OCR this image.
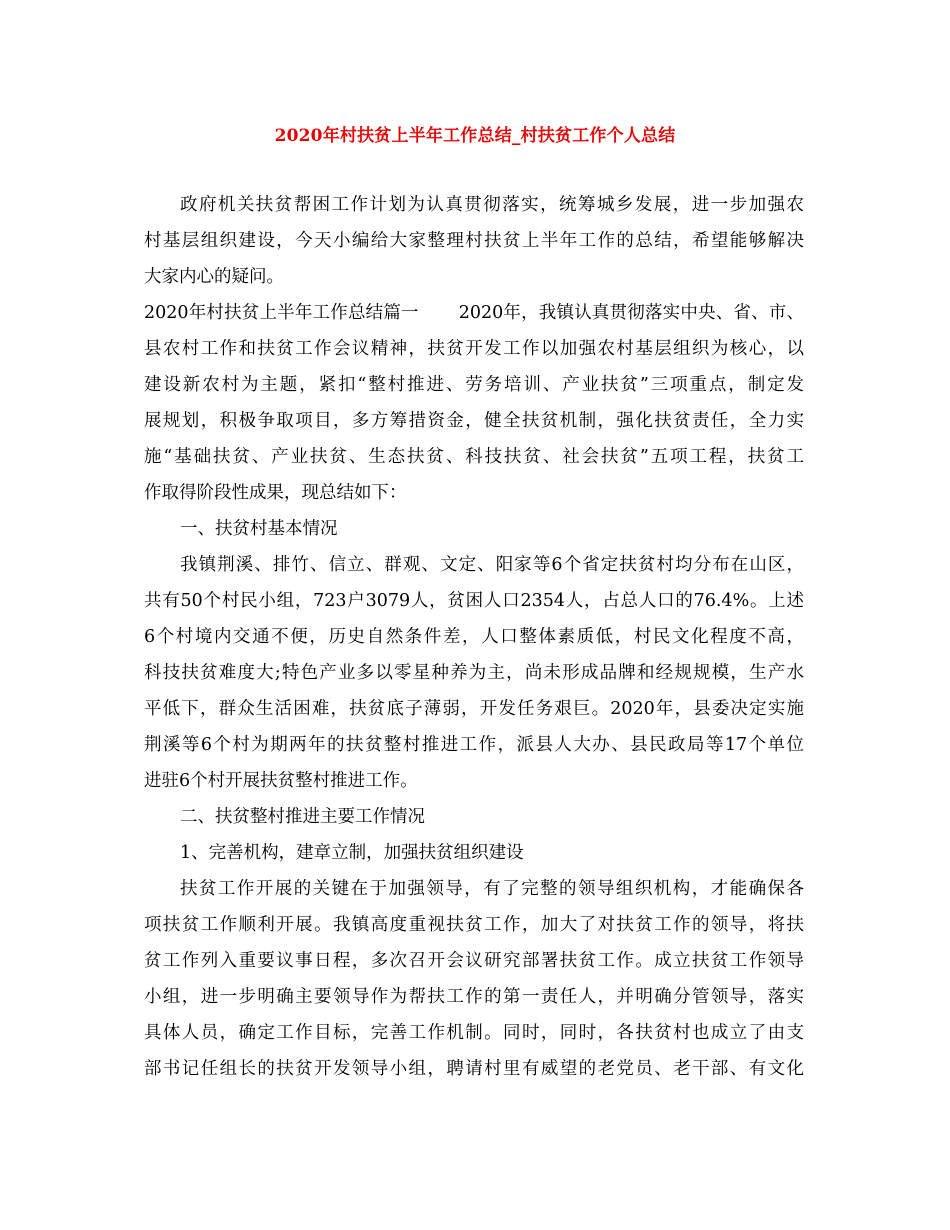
2020年村扶贫上半年工作总结_村扶贫工作个人总结
政府机关扶贫帮困工作计划为认真贯彻落实，统筹城乡发展，进一步加强农
村基层组织建设，今天小编给大家整理村扶贫上半年工作的总结，希望能够解决
大家内心的疑问。
2020年村扶贫上半年工作总结篇一 2020年，我镇认真贯彻落实中央、省、市、
县农村工作和扶贫工作会议精神，扶贫开发工作以加强农村基层组织为核心，以
建设新农村为主题，紧扣“整村推进、劳务培训、产业扶贫”三项重点，制定发
展规划，积极争取项目，多方筹措资金，健全扶贫机制，强化扶贫责任，全力实
施“基础扶贫、产业扶贫、生态扶贫、科技扶贫、社会扶贫”五项工程，扶贫工
作取得阶段性成果，现总结如下：
一、扶贫村基本情况
我镇荆溪、排竹、信立、群观、文定、阳家等6个省定扶贫村均分布在山区，
共有50个村民小组，723户3079人，贫困人口2354人，占总人口的76.4%。上述
6个村境内交通不便，历史自然条件差，人口整体素质低，村民文化程度不高，
科技扶贫难度大;特色产业多以零星种养为主，尚未形成品牌和经规规模，生产水
平低下，群众生活困难，扶贫底子薄弱，开发任务艰巨。2020年，县委决定实施
荆溪等6个村为期两年的扶贫整村推进工作，派县人大办、县民政局等17个单位
进驻6个村开展扶贫整村推进工作。
二、扶贫整村推进主要工作情况
1、完善机构，建章立制，加强扶贫组织建设
扶贫工作开展的关键在于加强领导，有了完整的领导组织机构，才能确保各
项扶贫工作顺利开展。我镇高度重视扶贫工作，加大了对扶贫工作的领导，将扶
贫工作列入重要议事日程，多次召开会议研究部署扶贫工作。成立扶贫工作领导
小组，进一步明确主要领导作为帮扶工作的第一责任人，并明确分管领导，落实
具体人员，确定工作目标，完善工作机制。同时，同时，各扶贫村也成立了由支
部书记任组长的扶贫开发领导小组，聘请村里有威望的老党员、老干部、有文化
